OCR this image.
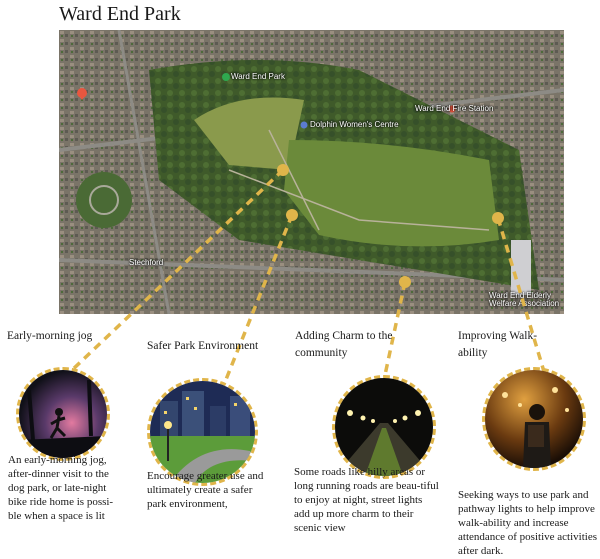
Ward End Park
Ward End Park
Dolphin Women's Centre
Ward End Fire Station
Stechford
Ward End Elderly Welfare Association
Early-morning jog
An early-morning jog, after-dinner visit to the dog park, or late-night bike ride home is possi-ble when a space is lit
Safer Park Environment
Encourage greater use and ultimately create a safer park environment,
Adding Charm to the community
Some roads like hilly areas or long running roads are beau-tiful to enjoy at night, street lights add up more charm to their scenic view
Improving Walk-ability
Seeking ways to use park and pathway lights to help improve walk-ability and increase attendance of positive activities after dark.
